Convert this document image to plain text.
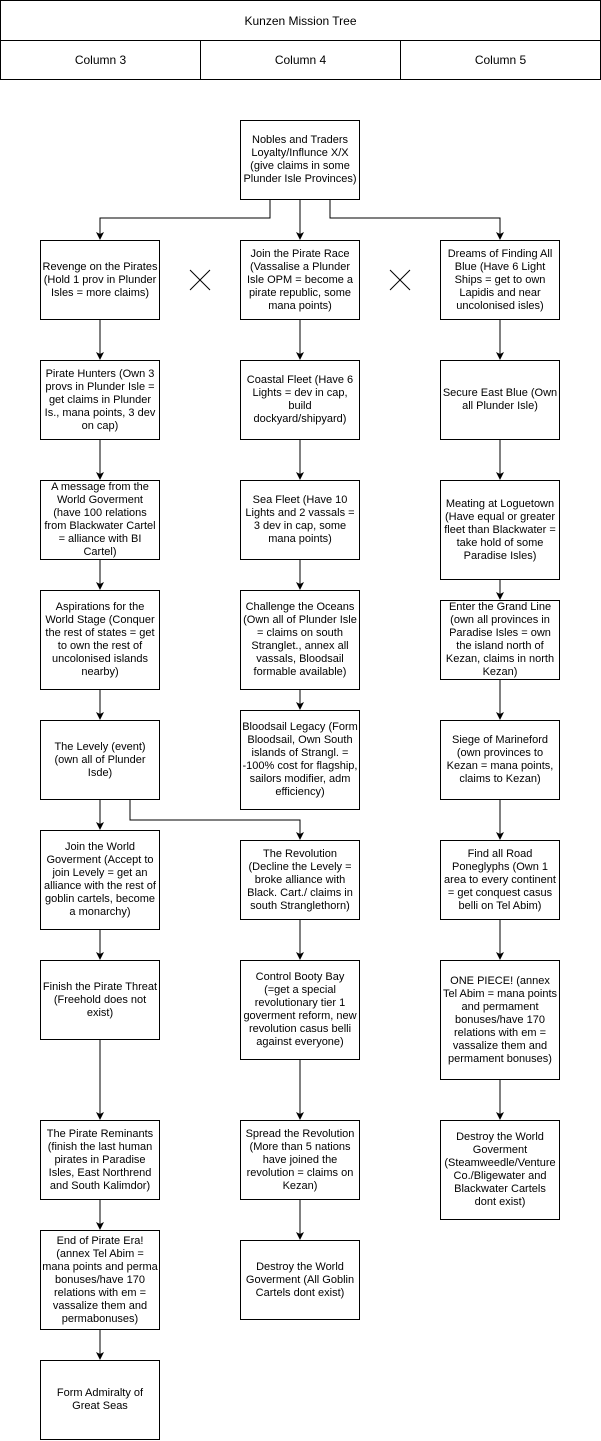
Kunzen Mission Tree
Column 3	Column 4	Column 5
Nobles and Traders Loyalty/Influnce X/X (give claims in some Plunder Isle Provinces)
Revenge on the Pirates (Hold 1 prov in Plunder Isles = more claims)
Pirate Hunters (Own 3 provs in Plunder Isle = get claims in Plunder Is., mana points, 3 dev on cap)
A message from the World Goverment (have 100 relations from Blackwater Cartel = alliance with BI Cartel)
Aspirations for the World Stage (Conquer the rest of states = get to own the rest of uncolonised islands nearby)
The Levely (event) (own all of Plunder Isde)
Join the World Goverment (Accept to join Levely = get an alliance with the rest of goblin cartels, become a monarchy)
Finish the Pirate Threat (Freehold does not exist)
The Pirate Reminants (finish the last human pirates in Paradise Isles, East Northrend and South Kalimdor)
End of Pirate Era! (annex Tel Abim = mana points and perma bonuses/have 170 relations with em = vassalize them and permabonuses)
Form Admiralty of Great Seas
Join the Pirate Race (Vassalise a Plunder Isle OPM = become a pirate republic, some mana points)
Coastal Fleet (Have 6 Lights = dev in cap, build dockyard/shipyard)
Sea Fleet (Have 10 Lights and 2 vassals = 3 dev in cap, some mana points)
Challenge the Oceans (Own all of Plunder Isle = claims on south Stranglet., annex all vassals, Bloodsail formable available)
Bloodsail Legacy (Form Bloodsail, Own South islands of Strangl. = -100% cost for flagship, sailors modifier, adm efficiency)
The Revolution (Decline the Levely = broke alliance with Black. Cart./ claims in south Stranglethorn)
Control Booty Bay (=get a special revolutionary tier 1 goverment reform, new revolution casus belli against everyone)
Spread the Revolution (More than 5 nations have joined the revolution = claims on Kezan)
Destroy the World Goverment (All Goblin Cartels dont exist)
Dreams of Finding All Blue (Have 6 Light Ships = get to own Lapidis and near uncolonised isles)
Secure East Blue (Own all Plunder Isle)
Meating at Loguetown (Have equal or greater fleet than Blackwater = take hold of some Paradise Isles)
Enter the Grand Line (own all provinces in Paradise Isles = own the island north of Kezan, claims in north Kezan)
Siege of Marineford (own provinces to Kezan = mana points, claims to Kezan)
Find all Road Poneglyphs (Own 1 area to every continent = get conquest casus belli on Tel Abim)
ONE PIECE! (annex Tel Abim = mana points and permament bonuses/have 170 relations with em = vassalize them and permament bonuses)
Destroy the World Goverment (Steamweedle/Venture Co./Bligewater and Blackwater Cartels dont exist)
